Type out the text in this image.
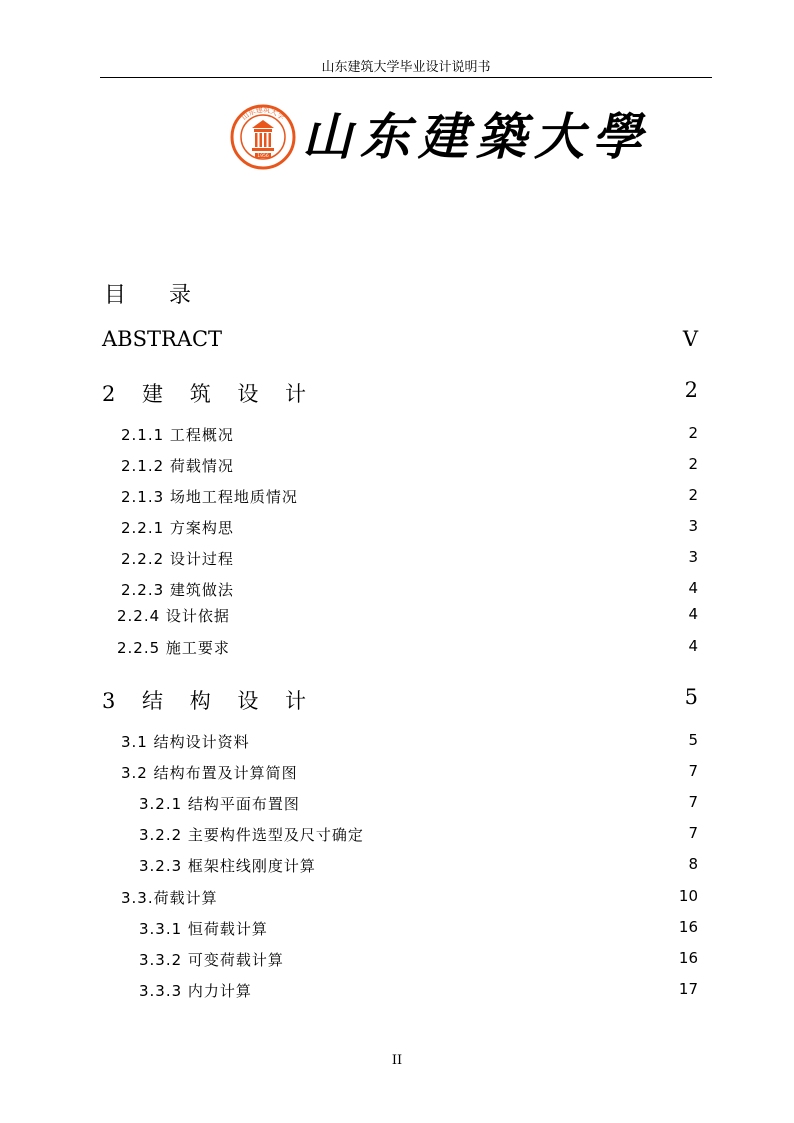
山东建筑大学毕业设计说明书
1956
山东建筑大学 山东建築大學
目 录
ABSTRACT	V
2 建 筑 设 计	2
2.1.1 工程概况	2
2.1.2 荷载情况	2
2.1.3 场地工程地质情况	2
2.2.1 方案构思	3
2.2.2 设计过程	3
2.2.3 建筑做法	4
2.2.4 设计依据	4
2.2.5 施工要求	4
3 结 构 设 计	5
3.1 结构设计资料	5
3.2 结构布置及计算简图	7
3.2.1 结构平面布置图	7
3.2.2 主要构件选型及尺寸确定	7
3.2.3 框架柱线刚度计算	8
3.3.荷载计算	10
3.3.1 恒荷载计算	16
3.3.2 可变荷载计算	16
3.3.3 内力计算	17
II
